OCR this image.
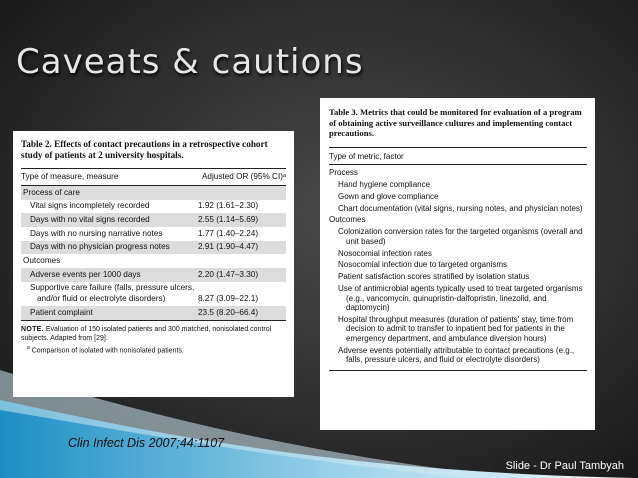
Caveats & cautions
Table 2. Effects of contact precautions in a retrospective cohort study of patients at 2 university hospitals.
Type of measure, measure	Adjusted OR (95% CI)ᵃ
Process of care
Vital signs incompletely recorded	1.92 (1.61–2.30)
Days with no vital signs recorded	2.55 (1.14–5.69)
Days with no nursing narrative notes	1.77 (1.40–2.24)
Days with no physician progress notes	2.91 (1.90–4.47)
Outcomes
Adverse events per 1000 days	2.20 (1.47–3.30)
Supportive care failure (falls, pressure ulcers, and/or fluid or electrolyte disorders)	8.27 (3.09–22.1)
Patient complaint	23.5 (8.20–66.4)
NOTE. Evaluation of 150 isolated patients and 300 matched, nonisolated control subjects. Adapted from [29].
$^a$ Comparison of isolated with nonisolated patients.
Table 3. Metrics that could be monitored for evaluation of a program of obtaining active surveillance cultures and implementing contact precautions.
Type of metric, factor
Process
Hand hygiene compliance
Gown and glove compliance
Chart documentation (vital signs, nursing notes, and physician notes)
Outcomes
Colonization conversion rates for the targeted organisms (overall and unit based)
Nosocomial infection rates
Nosocomial infection due to targeted organisms
Patient satisfaction scores stratified by isolation status
Use of antimicrobial agents typically used to treat targeted organisms (e.g., vancomycin, quinupristin-dalfopristin, linezolid, and daptomycin)
Hospital throughput measures (duration of patients' stay, time from decision to admit to transfer to inpatient bed for patients in the emergency department, and ambulance diversion hours)
Adverse events potentially attributable to contact precautions (e.g., falls, pressure ulcers, and fluid or electrolyte disorders)
Clin Infect Dis 2007;44:1107
Slide - Dr Paul Tambyah
